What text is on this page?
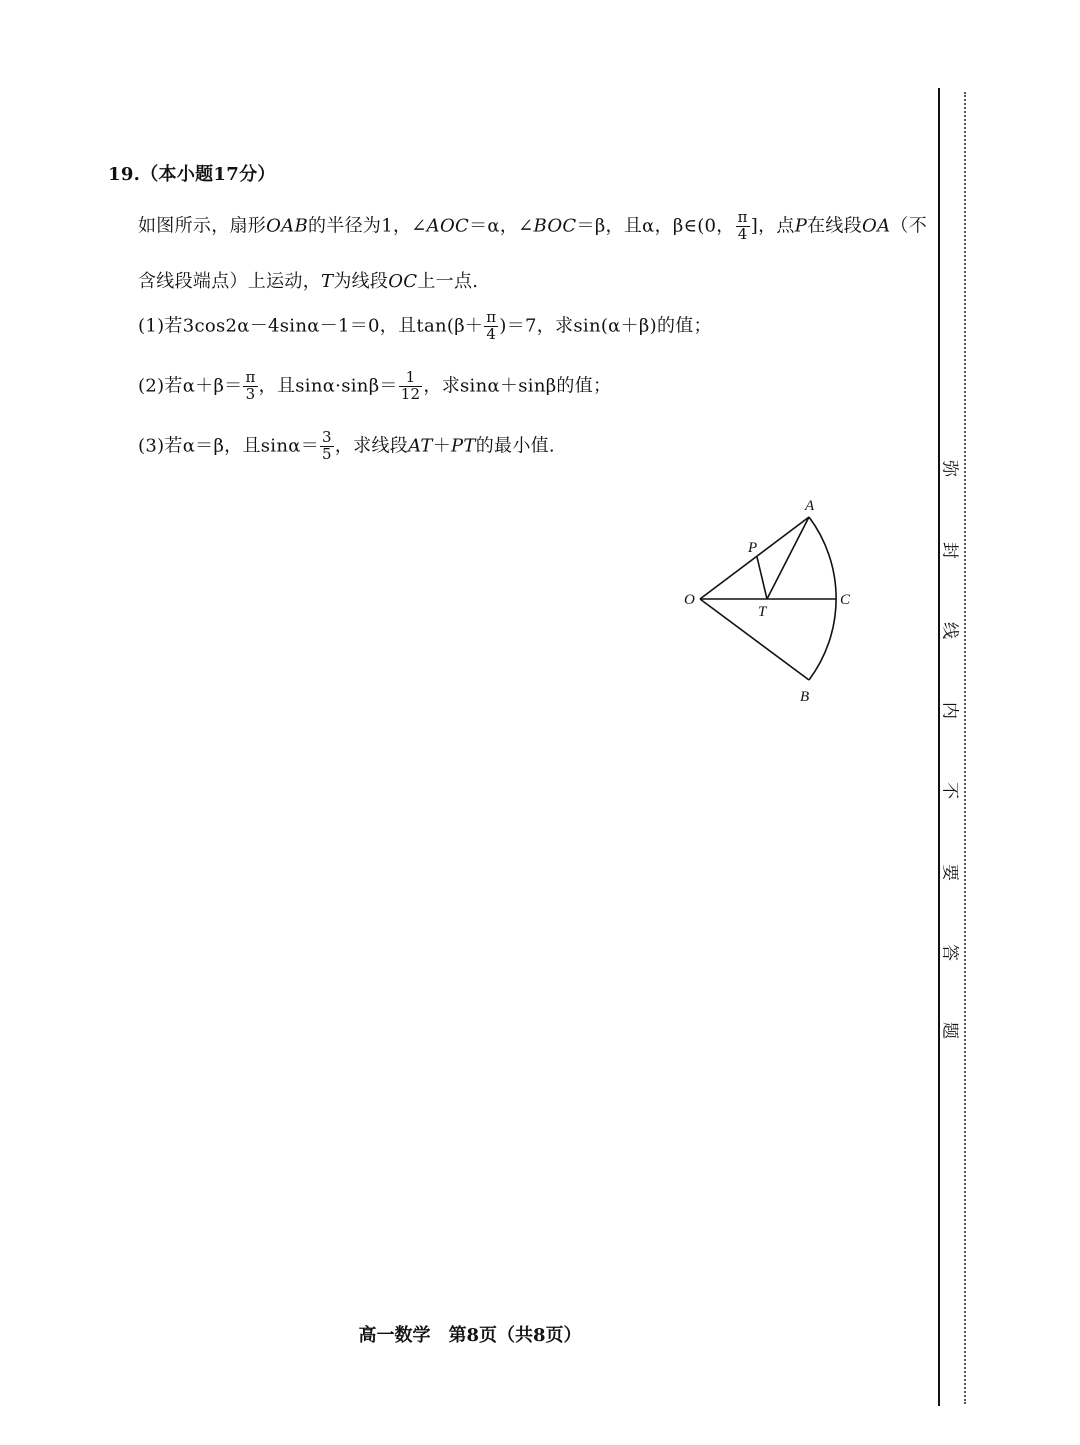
19.（本小题17分）
如图所示，扇形OAB的半径为1，∠AOC＝α，∠BOC＝β，且α，β∈(0， $\frac{\pi}{4}$ ]，点P在线段OA（不
含线段端点）上运动，T为线段OC上一点.
(1)若3cos2α－4sinα－1＝0，且$\tan(\beta+ \frac{\pi}{4} )=7$，求sin(α＋β)的值；
(2)若$\alpha+\beta= \frac{\pi}{3}$ ，且$\sin\alpha\cdot\sin\beta= \frac{1}{12}$ ，求sinα＋sinβ的值；
(3)若α＝β，且$\sin\alpha= \frac{3}{5}$ ，求线段AT＋PT的最小值.
O
A
B
C
P
T
弥
封
线
内
不
要
答
题
高一数学　第8页（共8页）
